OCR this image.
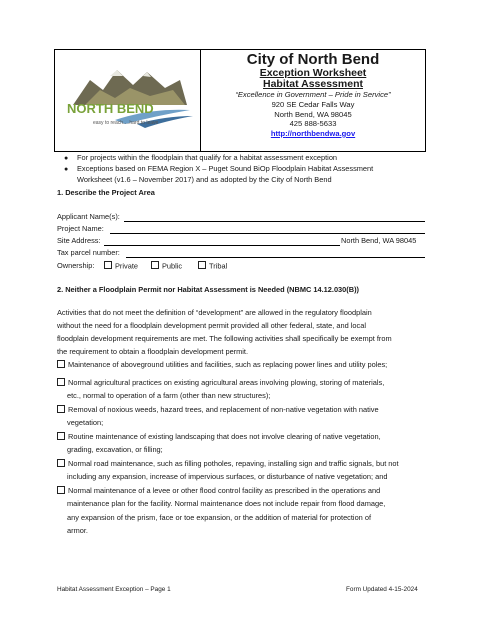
NORTH BEND
easy to reach….hard to leave
City of North Bend
Exception Worksheet
Habitat Assessment
“Excellence in Government – Pride in Service”
920 SE Cedar Falls Way
North Bend, WA 98045
425 888-5633
http://northbendwa.gov
● For projects within the floodplain that qualify for a habitat assessment exception
● Exceptions based on FEMA Region X – Puget Sound BiOp Floodplain Habitat Assessment
Worksheet (v1.6 – November 2017) and as adopted by the City of North Bend
1. Describe the Project Area
Applicant Name(s):
Project Name:
Site Address:	North Bend, WA 98045
Tax parcel number:
Ownership:	Private	Public	Tribal
2. Neither a Floodplain Permit nor Habitat Assessment is Needed (NBMC 14.12.030(B))
Activities that do not meet the definition of “development” are allowed in the regulatory floodplain
without the need for a floodplain development permit provided all other federal, state, and local
floodplain development requirements are met. The following activities shall specifically be exempt from
the requirement to obtain a floodplain development permit.
Maintenance of aboveground utilities and facilities, such as replacing power lines and utility poles;
Normal agricultural practices on existing agricultural areas involving plowing, storing of materials,
etc., normal to operation of a farm (other than new structures);
Removal of noxious weeds, hazard trees, and replacement of non-native vegetation with native
vegetation;
Routine maintenance of existing landscaping that does not involve clearing of native vegetation,
grading, excavation, or filling;
Normal road maintenance, such as filling potholes, repaving, installing sign and traffic signals, but not
including any expansion, increase of impervious surfaces, or disturbance of native vegetation; and
Normal maintenance of a levee or other flood control facility as prescribed in the operations and
maintenance plan for the facility. Normal maintenance does not include repair from flood damage,
any expansion of the prism, face or toe expansion, or the addition of material for protection of
armor.
Habitat Assessment Exception – Page 1	Form Updated 4-15-2024
